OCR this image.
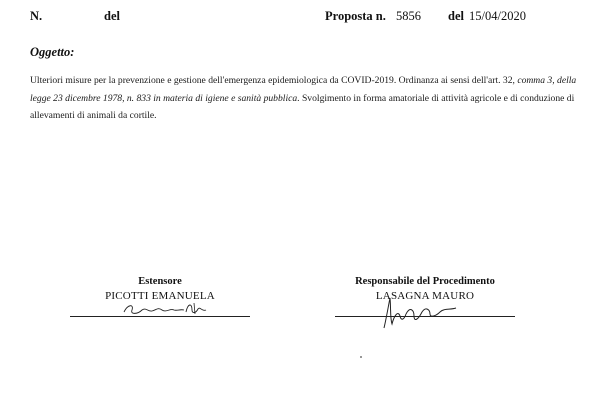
N.	del	Proposta n. 5856 del 15/04/2020
Oggetto:
Ulteriori misure per la prevenzione e gestione dell'emergenza epidemiologica da COVID-2019. Ordinanza ai sensi dell'art. 32, comma 3, della legge 23 dicembre 1978, n. 833 in materia di igiene e sanità pubblica. Svolgimento in forma amatoriale di attività agricole e di conduzione di allevamenti di animali da cortile.
Estensore
PICOTTI EMANUELA
Responsabile del Procedimento
LASAGNA MAURO
